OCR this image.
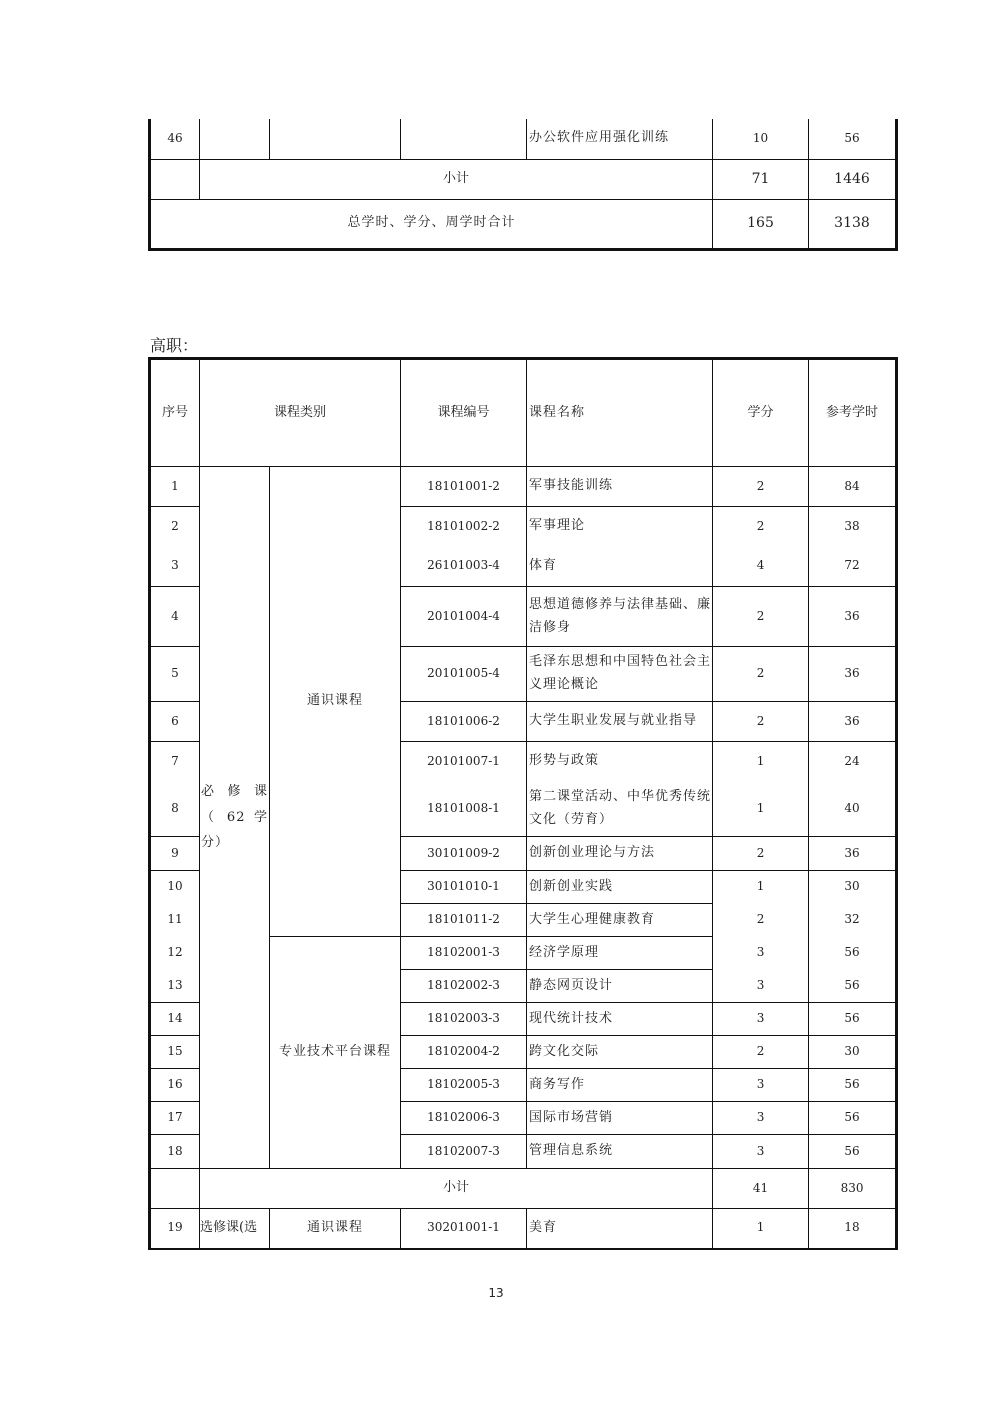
46				办公软件应用强化训练	10	56
	小计				71	1446
总学时、学分、周学时合计					165	3138
高职：
序号	课程类别		课程编号	课程名称	学分	参考学时
1	必 修 课 （ 62 学 分）	通识课程	18101001-2	军事技能训练	2	84
2			18101002-2	军事理论	2	38
3			26101003-4	体育	4	72
4			20101004-4	思想道德修养与法律基础、廉洁修身	2	36
5			20101005-4	毛泽东思想和中国特色社会主义理论概论	2	36
6			18101006-2	大学生职业发展与就业指导	2	36
7			20101007-1	形势与政策	1	24
8			18101008-1	第二课堂活动、中华优秀传统文化（劳育）	1	40
9			30101009-2	创新创业理论与方法	2	36
10			30101010-1	创新创业实践	1	30
11			18101011-2	大学生心理健康教育	2	32
12		专业技术平台课程	18102001-3	经济学原理	3	56
13			18102002-3	静态网页设计	3	56
14			18102003-3	现代统计技术	3	56
15			18102004-2	跨文化交际	2	30
16			18102005-3	商务写作	3	56
17			18102006-3	国际市场营销	3	56
18			18102007-3	管理信息系统	3	56
	小计				41	830
19	选修课(选	通识课程	30201001-1	美育	1	18
13
